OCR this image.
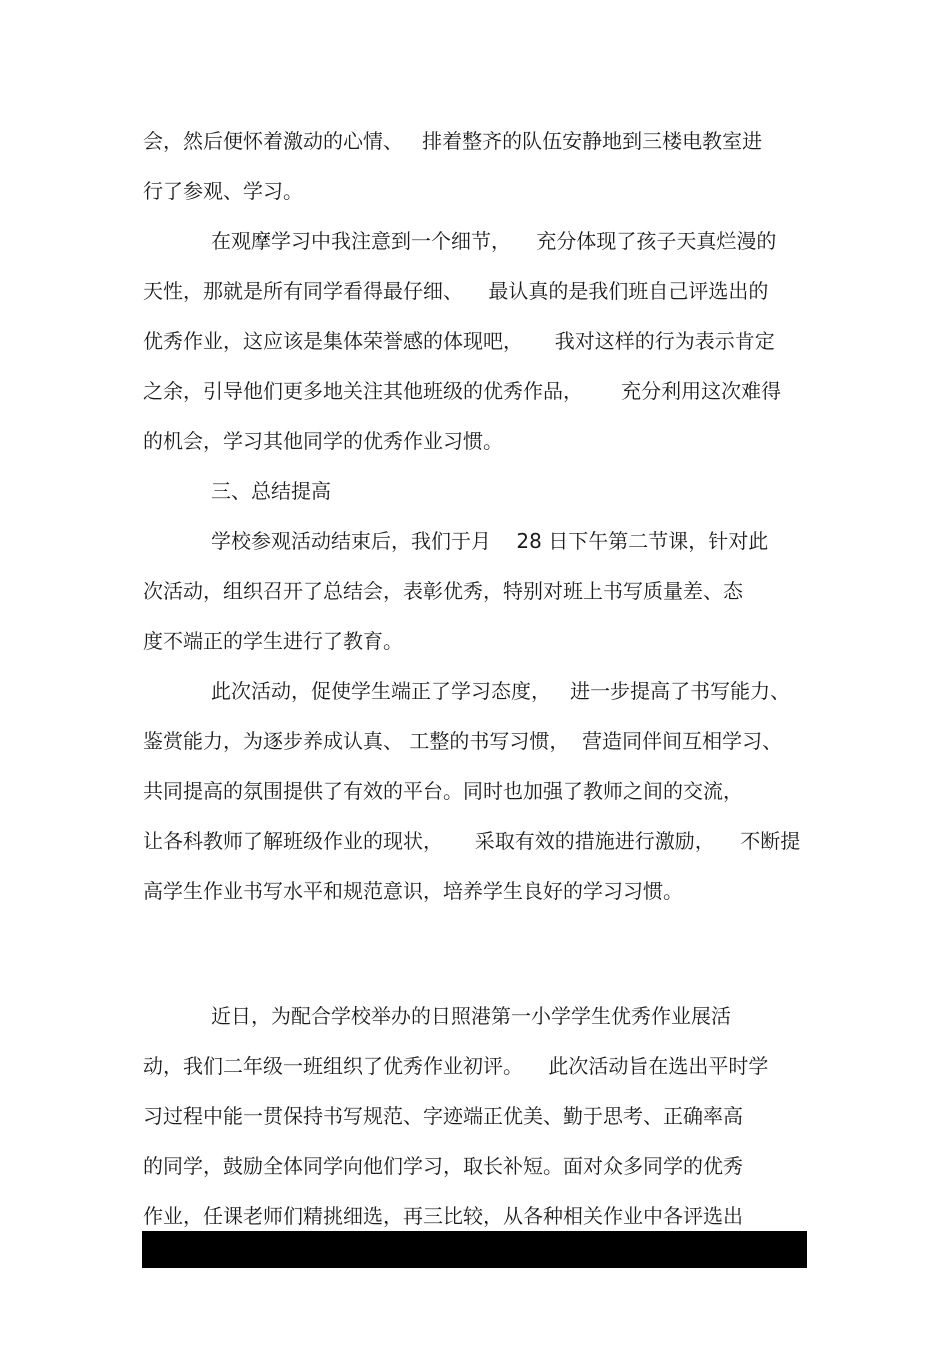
会，然后便怀着激动的心情、   排着整齐的队伍安静地到三楼电教室进
行了参观、学习。
在观摩学习中我注意到一个细节，    充分体现了孩子天真烂漫的
天性，那就是所有同学看得最仔细、    最认真的是我们班自己评选出的
优秀作业，这应该是集体荣誉感的体现吧，     我对这样的行为表示肯定
之余，引导他们更多地关注其他班级的优秀作品，      充分利用这次难得
的机会，学习其他同学的优秀作业习惯。
三、总结提高
学校参观活动结束后，我们于月    28 日下午第二节课，针对此
次活动，组织召开了总结会，表彰优秀，特别对班上书写质量差、态
度不端正的学生进行了教育。
此次活动，促使学生端正了学习态度，   进一步提高了书写能力、
鉴赏能力，为逐步养成认真、 工整的书写习惯，  营造同伴间互相学习、
共同提高的氛围提供了有效的平台。同时也加强了教师之间的交流，
让各科教师了解班级作业的现状，     采取有效的措施进行激励，    不断提
高学生作业书写水平和规范意识，培养学生良好的学习习惯。
近日，为配合学校举办的日照港第一小学学生优秀作业展活
动，我们二年级一班组织了优秀作业初评。    此次活动旨在选出平时学
习过程中能一贯保持书写规范、字迹端正优美、勤于思考、正确率高
的同学，鼓励全体同学向他们学习，取长补短。面对众多同学的优秀
作业，任课老师们精挑细选，再三比较，从各种相关作业中各评选出
